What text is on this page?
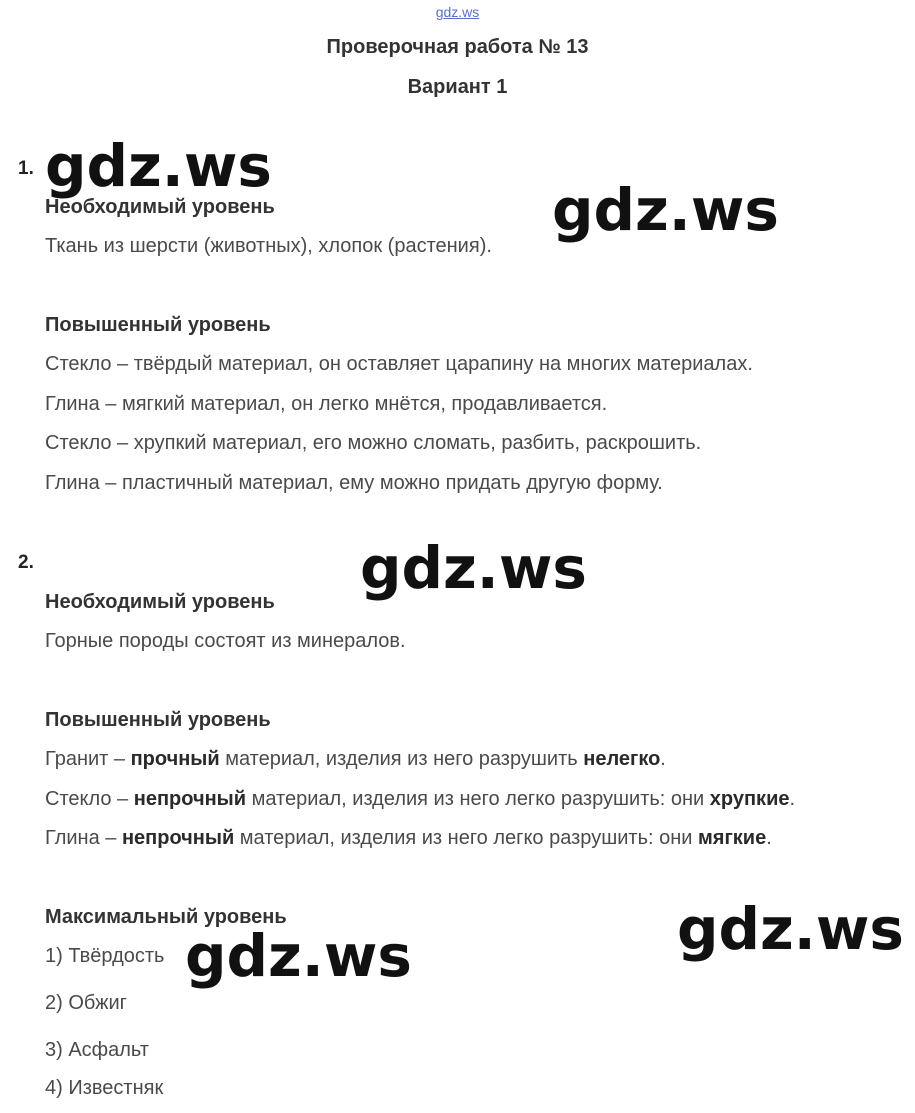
gdz.ws
Проверочная работа № 13
Вариант 1
1.
Необходимый уровень
Ткань из шерсти (животных), хлопок (растения).
Повышенный уровень
Стекло – твёрдый материал, он оставляет царапину на многих материалах.
Глина – мягкий материал, он легко мнётся, продавливается.
Стекло – хрупкий материал, его можно сломать, разбить, раскрошить.
Глина – пластичный материал, ему можно придать другую форму.
2.
Необходимый уровень
Горные породы состоят из минералов.
Повышенный уровень
Гранит – прочный материал, изделия из него разрушить нелегко.
Стекло – непрочный материал, изделия из него легко разрушить: они хрупкие.
Глина – непрочный материал, изделия из него легко разрушить: они мягкие.
Максимальный уровень
1) Твёрдость
2) Обжиг
3) Асфальт
4) Известняк
gdz.ws
gdz.ws
gdz.ws
gdz.ws
gdz.ws
